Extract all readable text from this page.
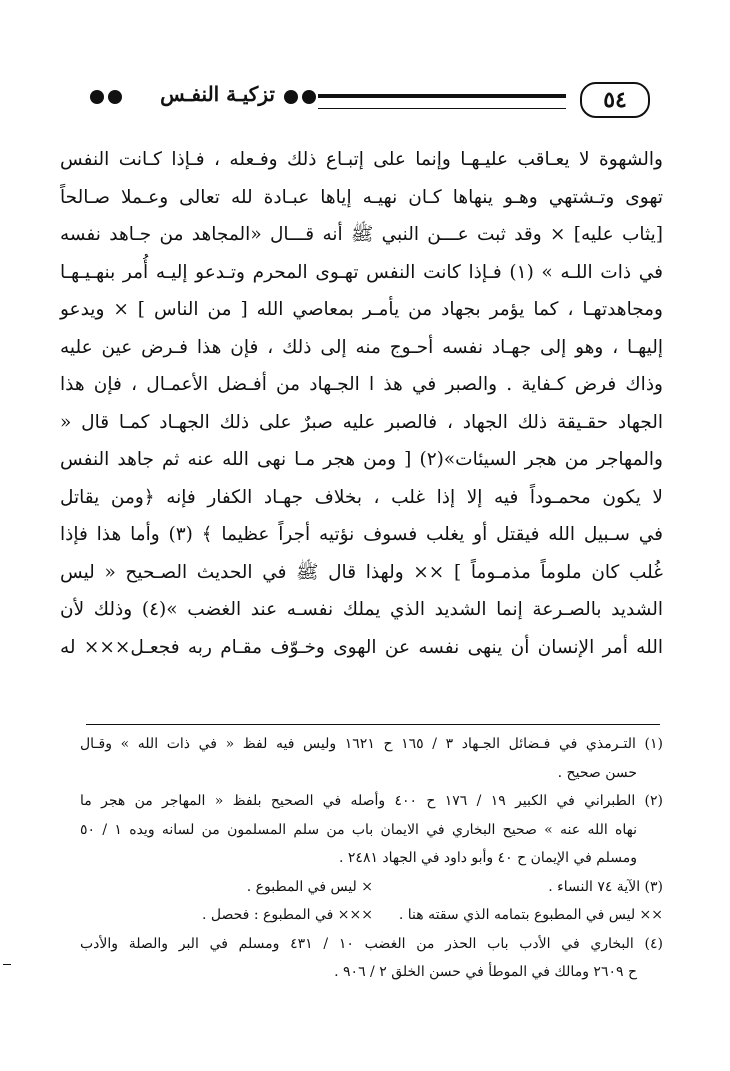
تزكيـة النفـس	٥٤
والشهوة لا يعـاقب عليـهـا وإنما على إتبـاع ذلك وفـعله ، فـإذا كـانت النفس
تهوى وتـشتهي وهـو ينهاها كـان نهيـه إياها عبـادة لله تعالى وعـملا صـالحاً
[يثاب عليه] × وقد ثبت عـــن النبي ﷺ أنه قـــال «المجاهد من جـاهد نفسه
في ذات اللـه » (١) فـإذا كانت النفس تهـوى المحرم وتـدعو إليـه أُمر بنهـيـهـا
ومجاهدتهـا ، كما يؤمر بجهاد من يأمـر بمعاصي الله [ من الناس ] × ويدعو
إليهـا ، وهو إلى جهـاد نفسه أحـوج منه إلى ذلك ، فإن هذا فـرض عين عليه
وذاك فرض كـفاية . والصبر في هذ ا الجـهاد من أفـضل الأعمـال ، فإن هذا
الجهاد حقـيقة ذلك الجهاد ، فالصبر عليه صبرٌ على ذلك الجهـاد كمـا قال «
والمهاجر من هجر السيئات»(٢) [ ومن هجر مـا نهى الله عنه ثم جاهد النفس
لا يكون محمـوداً فيه إلا إذا غلب ، بخلاف جهـاد الكفار فإنه ﴿ومن يقاتل
في سـبيل الله فيقتل أو يغلب فسوف نؤتيه أجراً عظيما ﴾ (٣) وأما هذا فإذا
غُلب كان ملوماً مذمـوماً ] ×× ولهذا قال ﷺ في الحديث الصـحيح « ليس
الشديد بالصـرعة إنما الشديد الذي يملك نفسـه عند الغضب »(٤) وذلك لأن
الله أمر الإنسان أن ينهى نفسه عن الهوى وخـوّف مقـام ربه فجعـل××× له
(١) التـرمذي في فـضائل الجـهاد ٣ / ١٦٥ ح ١٦٢١ وليس فيه لفظ « في ذات الله » وقـال
حسن صحيح .
(٢) الطبراني في الكبير ١٩ / ١٧٦ ح ٤٠٠ وأصله في الصحيح بلفظ « المهاجر من هجر ما
نهاه الله عنه » صحيح البخاري في الايمان باب من سلم المسلمون من لسانه ويده ١ / ٥٠
ومسلم في الإيمان ح ٤٠ وأبو داود في الجهاد ٢٤٨١ .
(٣) الآية ٧٤ النساء .
× ليس في المطبوع .
×× ليس في المطبوع بتمامه الذي سقته هنا .
××× في المطبوع : فحصل .
(٤) البخاري في الأدب باب الحذر من الغضب ١٠ / ٤٣١ ومسلم في البر والصلة والأدب
ح ٢٦٠٩ ومالك في الموطأ في حسن الخلق ٢ / ٩٠٦ .
